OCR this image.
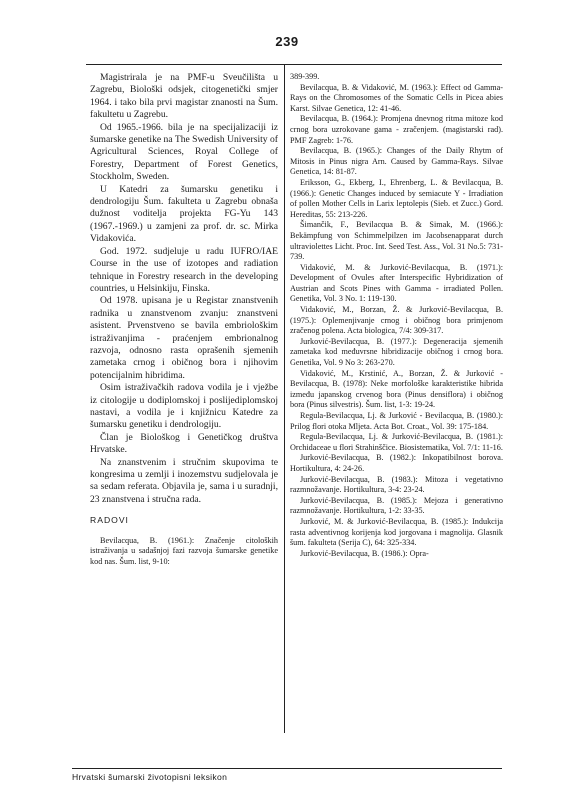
239

Magistrirala je na PMF-u Sveučilišta u Zagrebu, Biološki odsjek, citogenetički smjer 1964. i tako bila prvi magistar znanosti na Šum. fakultetu u Zagrebu.

Od 1965.-1966. bila je na specijalizaciji iz šumarske genetike na The Swedish University of Agricultural Sciences, Royal College of Forestry, Department of Forest Genetics, Stockholm, Sweden.

U Katedri za šumarsku genetiku i dendrologiju Šum. fakulteta u Zagrebu obnaša dužnost voditelja projekta FG-Yu 143 (1967.-1969.) u zamjeni za prof. dr. sc. Mirka Vidakovića.

God. 1972. sudjeluje u radu IUFRO/IAE Course in the use of izotopes and radiation tehnique in Forestry research in the developing countries, u Helsinkiju, Finska.

Od 1978. upisana je u Registar znanstvenih radnika u znanstvenom zvanju: znanstveni asistent. Prvenstveno se bavila embriološkim istraživanjima - praćenjem embrionalnog razvoja, odnosno rasta oprašenih sjemenih zametaka crnog i običnog bora i njihovim potencijalnim hibridima.

Osim istraživačkih radova vodila je i vježbe iz citologije u dodiplomskoj i poslijediplomskoj nastavi, a vodila je i knjižnicu Katedre za šumarsku genetiku i dendrologiju.

Član je Biološkog i Genetičkog društva Hrvatske.

Na znanstvenim i stručnim skupovima te kongresima u zemlji i inozemstvu sudjelovala je sa sedam referata. Objavila je, sama i u suradnji, 23 znanstvena i stručna rada.

RADOVI

Bevilacqua, B. (1961.): Značenje citoloških istraživanja u sadašnjoj fazi razvoja šumarske genetike kod nas. Šum. list, 9-10:

389-399.

Bevilacqua, B. & Vidaković, M. (1963.): Effect od Gamma-Rays on the Chromosomes of the Somatic Cells in Picea abies Karst. Silvae Genetica, 12: 41-46.

Bevilacqua, B. (1964.): Promjena dnevnog ritma mitoze kod crnog bora uzrokovane gama - zračenjem. (magistarski rad). PMF Zagreb: 1-76.

Bevilacqua, B. (1965.): Changes of the Daily Rhytm of Mitosis in Pinus nigra Arn. Caused by Gamma-Rays. Silvae Genetica, 14: 81-87.

Eriksson, G., Ekberg, I., Ehrenberg, L. & Bevilacqua, B. (1966.): Genetic Changes induced by semiacute Y - Irradiation of pollen Mother Cells in Larix leptolepis (Sieb. et Zucc.) Gord. Hereditas, 55: 213-226.

Šimančik, F., Bevilacqua B. & Simak, M. (1966.): Bekämpfung von Schimmelpilzen im Jacobsenapparat durch ultraviolettes Licht. Proc. Int. Seed Test. Ass., Vol. 31 No.5: 731-739.

Vidaković, M. & Jurković-Bevilacqua, B. (1971.): Development of Ovules after Interspecific Hybridization of Austrian and Scots Pines with Gamma - irradiated Pollen. Genetika, Vol. 3 No. 1: 119-130.

Vidaković, M., Borzan, Ž. & Jurković-Bevilacqua, B. (1975.): Oplemenjivanje crnog i običnog bora primjenom zračenog polena. Acta biologica, 7/4: 309-317.

Jurković-Bevilacqua, B. (1977.): Degeneracija sjemenih zametaka kod međuvrsne hibridizacije običnog i crnog bora. Genetika, Vol. 9 No 3: 263-270.

Vidaković, M., Krstinić, A., Borzan, Ž. & Jurković - Bevilacqua, B. (1978): Neke morfološke karakteristike hibrida između japanskog crvenog bora (Pinus densiflora) i običnog bora (Pinus silvestris). Šum. list, 1-3: 19-24.

Regula-Bevilacqua, Lj. & Jurković - Bevilacqua, B. (1980.): Prilog flori otoka Mljeta. Acta Bot. Croat., Vol. 39: 175-184.

Regula-Bevilacqua, Lj. & Jurković-Bevilacqua, B. (1981.): Orchidaceae u flori Strahinščice. Biosistematika, Vol. 7/1: 11-16.

Jurković-Bevilacqua, B. (1982.): Inkopatibilnost borova. Hortikultura, 4: 24-26.

Jurković-Bevilacqua, B. (1983.): Mitoza i vegetativno razmnožavanje. Hortikultura, 3-4: 23-24.

Jurković-Bevilacqua, B. (1985.): Mejoza i generativno razmnožavanje. Hortikultura, 1-2: 33-35.

Jurković, M. & Jurković-Bevilacqua, B. (1985.): Indukcija rasta adventivnog korijenja kod jorgovana i magnolija. Glasnik šum. fakulteta (Serija C), 64: 325-334.

Jurković-Bevilacqua, B. (1986.): Opra-

Hrvatski šumarski životopisni leksikon
